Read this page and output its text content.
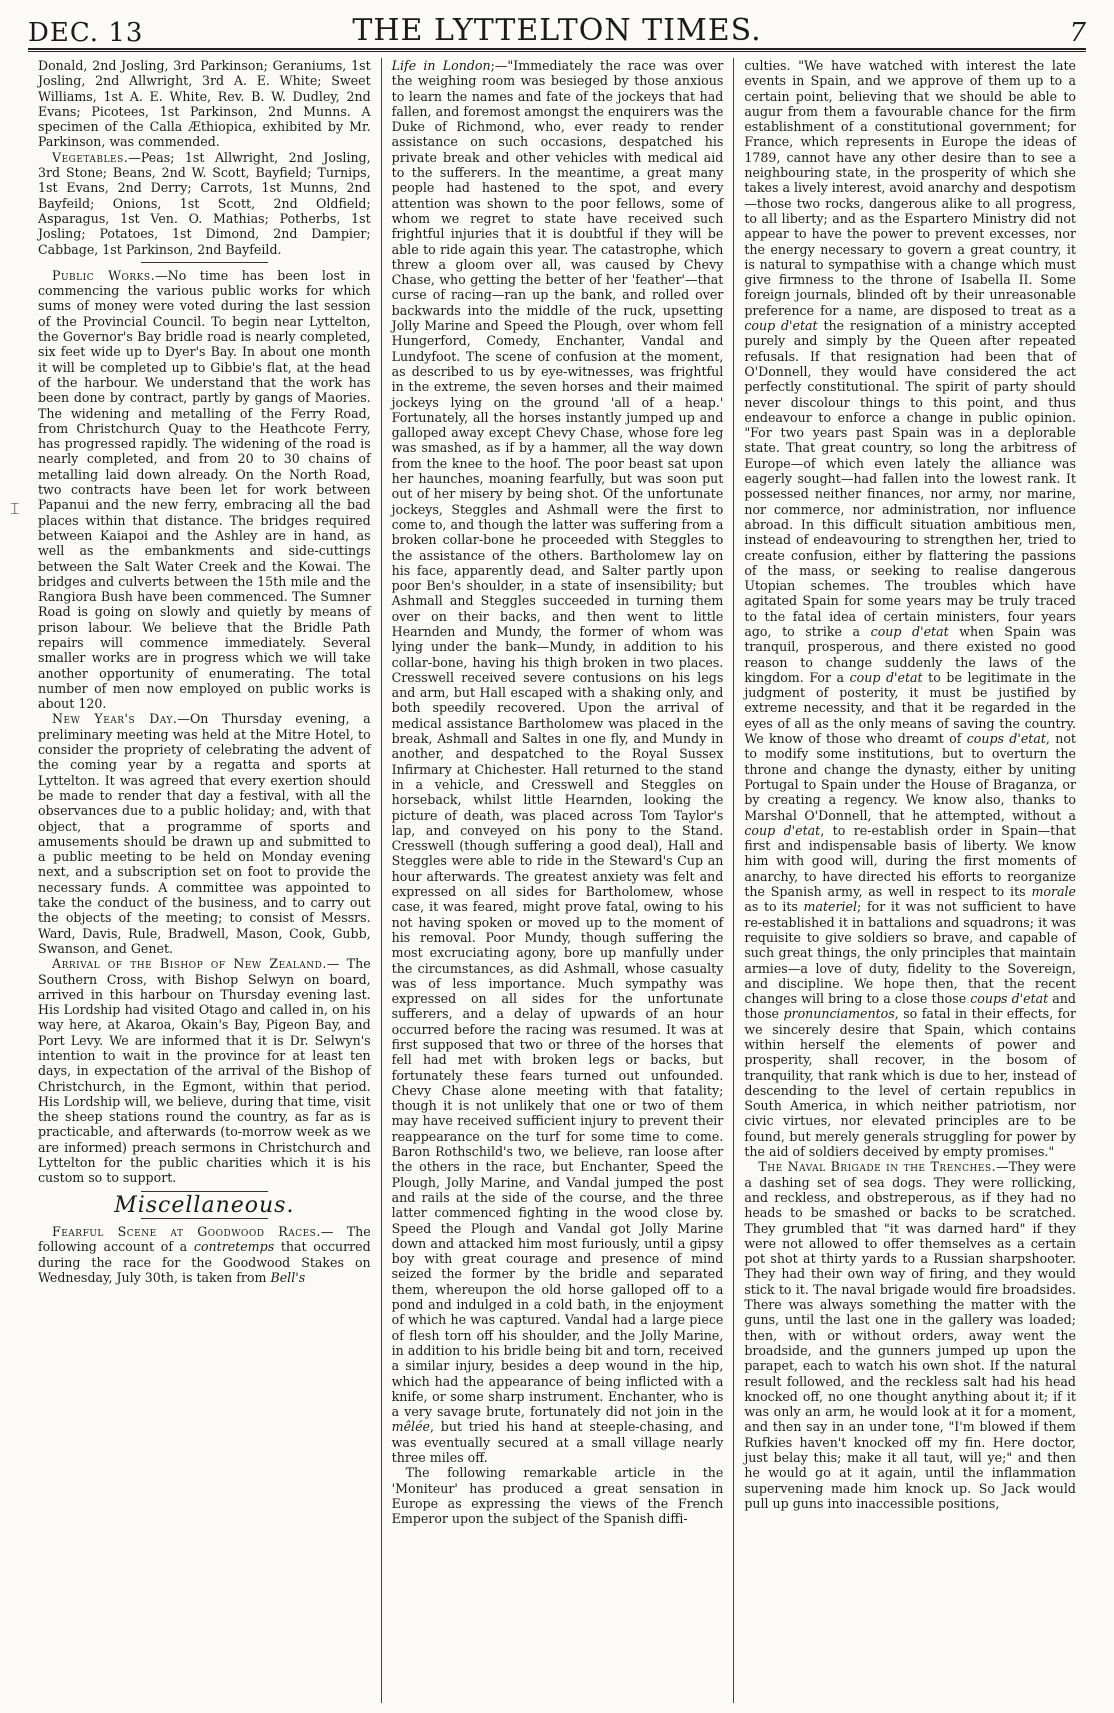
DEC. 13	THE LYTTELTON TIMES.	7
⌶

Donald, 2nd Josling, 3rd Parkinson; Geraniums, 1st Josling, 2nd Allwright, 3rd A. E. White; Sweet Williams, 1st A. E. White, Rev. B. W. Dudley, 2nd Evans; Picotees, 1st Parkinson, 2nd Munns. A specimen of the Calla Æthiopica, exhibited by Mr. Parkinson, was commended.

Vegetables.—Peas; 1st Allwright, 2nd Josling, 3rd Stone; Beans, 2nd W. Scott, Bayfield; Turnips, 1st Evans, 2nd Derry; Carrots, 1st Munns, 2nd Bayfeild; Onions, 1st Scott, 2nd Oldfield; Asparagus, 1st Ven. O. Mathias; Potherbs, 1st Josling; Potatoes, 1st Dimond, 2nd Dampier; Cabbage, 1st Parkinson, 2nd Bayfeild.

Public Works.—No time has been lost in commencing the various public works for which sums of money were voted during the last session of the Provincial Council. To begin near Lyttelton, the Governor's Bay bridle road is nearly completed, six feet wide up to Dyer's Bay. In about one month it will be completed up to Gibbie's flat, at the head of the harbour. We understand that the work has been done by contract, partly by gangs of Maories. The widening and metalling of the Ferry Road, from Christchurch Quay to the Heathcote Ferry, has progressed rapidly. The widening of the road is nearly completed, and from 20 to 30 chains of metalling laid down already. On the North Road, two contracts have been let for work between Papanui and the new ferry, embracing all the bad places within that distance. The bridges required between Kaiapoi and the Ashley are in hand, as well as the embankments and side-cuttings between the Salt Water Creek and the Kowai. The bridges and culverts between the 15th mile and the Rangiora Bush have been commenced. The Sumner Road is going on slowly and quietly by means of prison labour. We believe that the Bridle Path repairs will commence immediately. Several smaller works are in progress which we will take another opportunity of enumerating. The total number of men now employed on public works is about 120.

New Year's Day.—On Thursday evening, a preliminary meeting was held at the Mitre Hotel, to consider the propriety of celebrating the advent of the coming year by a regatta and sports at Lyttelton. It was agreed that every exertion should be made to render that day a festival, with all the observances due to a public holiday; and, with that object, that a programme of sports and amusements should be drawn up and submitted to a public meeting to be held on Monday evening next, and a subscription set on foot to provide the necessary funds. A committee was appointed to take the conduct of the business, and to carry out the objects of the meeting; to consist of Messrs. Ward, Davis, Rule, Bradwell, Mason, Cook, Gubb, Swanson, and Genet.

Arrival of the Bishop of New Zealand.— The Southern Cross, with Bishop Selwyn on board, arrived in this harbour on Thursday evening last. His Lordship had visited Otago and called in, on his way here, at Akaroa, Okain's Bay, Pigeon Bay, and Port Levy. We are informed that it is Dr. Selwyn's intention to wait in the province for at least ten days, in expectation of the arrival of the Bishop of Christchurch, in the Egmont, within that period. His Lordship will, we believe, during that time, visit the sheep stations round the country, as far as is practicable, and afterwards (to-morrow week as we are informed) preach sermons in Christchurch and Lyttelton for the public charities which it is his custom so to support.

Miscellaneous.

Fearful Scene at Goodwood Races.— The following account of a contretemps that occurred during the race for the Goodwood Stakes on Wednesday, July 30th, is taken from Bell's

Life in London;—"Immediately the race was over the weighing room was besieged by those anxious to learn the names and fate of the jockeys that had fallen, and foremost amongst the enquirers was the Duke of Richmond, who, ever ready to render assistance on such occasions, despatched his private break and other vehicles with medical aid to the sufferers. In the meantime, a great many people had hastened to the spot, and every attention was shown to the poor fellows, some of whom we regret to state have received such frightful injuries that it is doubtful if they will be able to ride again this year. The catastrophe, which threw a gloom over all, was caused by Chevy Chase, who getting the better of her 'feather'—that curse of racing—ran up the bank, and rolled over backwards into the middle of the ruck, upsetting Jolly Marine and Speed the Plough, over whom fell Hungerford, Comedy, Enchanter, Vandal and Lundyfoot. The scene of confusion at the moment, as described to us by eye-witnesses, was frightful in the extreme, the seven horses and their maimed jockeys lying on the ground 'all of a heap.' Fortunately, all the horses instantly jumped up and galloped away except Chevy Chase, whose fore leg was smashed, as if by a hammer, all the way down from the knee to the hoof. The poor beast sat upon her haunches, moaning fearfully, but was soon put out of her misery by being shot. Of the unfortunate jockeys, Steggles and Ashmall were the first to come to, and though the latter was suffering from a broken collar-bone he proceeded with Steggles to the assistance of the others. Bartholomew lay on his face, apparently dead, and Salter partly upon poor Ben's shoulder, in a state of insensibility; but Ashmall and Steggles succeeded in turning them over on their backs, and then went to little Hearnden and Mundy, the former of whom was lying under the bank—Mundy, in addition to his collar-bone, having his thigh broken in two places. Cresswell received severe contusions on his legs and arm, but Hall escaped with a shaking only, and both speedily recovered. Upon the arrival of medical assistance Bartholomew was placed in the break, Ashmall and Saltes in one fly, and Mundy in another, and despatched to the Royal Sussex Infirmary at Chichester. Hall returned to the stand in a vehicle, and Cresswell and Steggles on horseback, whilst little Hearnden, looking the picture of death, was placed across Tom Taylor's lap, and conveyed on his pony to the Stand. Cresswell (though suffering a good deal), Hall and Steggles were able to ride in the Steward's Cup an hour afterwards. The greatest anxiety was felt and expressed on all sides for Bartholomew, whose case, it was feared, might prove fatal, owing to his not having spoken or moved up to the moment of his removal. Poor Mundy, though suffering the most excruciating agony, bore up manfully under the circumstances, as did Ashmall, whose casualty was of less importance. Much sympathy was expressed on all sides for the unfortunate sufferers, and a delay of upwards of an hour occurred before the racing was resumed. It was at first supposed that two or three of the horses that fell had met with broken legs or backs, but fortunately these fears turned out unfounded. Chevy Chase alone meeting with that fatality; though it is not unlikely that one or two of them may have received sufficient injury to prevent their reappearance on the turf for some time to come. Baron Rothschild's two, we believe, ran loose after the others in the race, but Enchanter, Speed the Plough, Jolly Marine, and Vandal jumped the post and rails at the side of the course, and the three latter commenced fighting in the wood close by. Speed the Plough and Vandal got Jolly Marine down and attacked him most furiously, until a gipsy boy with great courage and presence of mind seized the former by the bridle and separated them, whereupon the old horse galloped off to a pond and indulged in a cold bath, in the enjoyment of which he was captured. Vandal had a large piece of flesh torn off his shoulder, and the Jolly Marine, in addition to his bridle being bit and torn, received a similar injury, besides a deep wound in the hip, which had the appearance of being inflicted with a knife, or some sharp instrument. Enchanter, who is a very savage brute, fortunately did not join in the mêlée, but tried his hand at steeple-chasing, and was eventually secured at a small village nearly three miles off.

The following remarkable article in the 'Moniteur' has produced a great sensation in Europe as expressing the views of the French Emperor upon the subject of the Spanish diffi-

culties. "We have watched with interest the late events in Spain, and we approve of them up to a certain point, believing that we should be able to augur from them a favourable chance for the firm establishment of a constitutional government; for France, which represents in Europe the ideas of 1789, cannot have any other desire than to see a neighbouring state, in the prosperity of which she takes a lively interest, avoid anarchy and despotism—those two rocks, dangerous alike to all progress, to all liberty; and as the Espartero Ministry did not appear to have the power to prevent excesses, nor the energy necessary to govern a great country, it is natural to sympathise with a change which must give firmness to the throne of Isabella II. Some foreign journals, blinded oft by their unreasonable preference for a name, are disposed to treat as a coup d'etat the resignation of a ministry accepted purely and simply by the Queen after repeated refusals. If that resignation had been that of O'Donnell, they would have considered the act perfectly constitutional. The spirit of party should never discolour things to this point, and thus endeavour to enforce a change in public opinion. "For two years past Spain was in a deplorable state. That great country, so long the arbitress of Europe—of which even lately the alliance was eagerly sought—had fallen into the lowest rank. It possessed neither finances, nor army, nor marine, nor commerce, nor administration, nor influence abroad. In this difficult situation ambitious men, instead of endeavouring to strengthen her, tried to create confusion, either by flattering the passions of the mass, or seeking to realise dangerous Utopian schemes. The troubles which have agitated Spain for some years may be truly traced to the fatal idea of certain ministers, four years ago, to strike a coup d'etat when Spain was tranquil, prosperous, and there existed no good reason to change suddenly the laws of the kingdom. For a coup d'etat to be legitimate in the judgment of posterity, it must be justified by extreme necessity, and that it be regarded in the eyes of all as the only means of saving the country. We know of those who dreamt of coups d'etat, not to modify some institutions, but to overturn the throne and change the dynasty, either by uniting Portugal to Spain under the House of Braganza, or by creating a regency. We know also, thanks to Marshal O'Donnell, that he attempted, without a coup d'etat, to re-establish order in Spain—that first and indispensable basis of liberty. We know him with good will, during the first moments of anarchy, to have directed his efforts to reorganize the Spanish army, as well in respect to its morale as to its materiel; for it was not sufficient to have re-established it in battalions and squadrons; it was requisite to give soldiers so brave, and capable of such great things, the only principles that maintain armies—a love of duty, fidelity to the Sovereign, and discipline. We hope then, that the recent changes will bring to a close those coups d'etat and those pronunciamentos, so fatal in their effects, for we sincerely desire that Spain, which contains within herself the elements of power and prosperity, shall recover, in the bosom of tranquility, that rank which is due to her, instead of descending to the level of certain republics in South America, in which neither patriotism, nor civic virtues, nor elevated principles are to be found, but merely generals struggling for power by the aid of soldiers deceived by empty promises."

The Naval Brigade in the Trenches.—They were a dashing set of sea dogs. They were rollicking, and reckless, and obstreperous, as if they had no heads to be smashed or backs to be scratched. They grumbled that "it was darned hard" if they were not allowed to offer themselves as a certain pot shot at thirty yards to a Russian sharpshooter. They had their own way of firing, and they would stick to it. The naval brigade would fire broadsides. There was always something the matter with the guns, until the last one in the gallery was loaded; then, with or without orders, away went the broadside, and the gunners jumped up upon the parapet, each to watch his own shot. If the natural result followed, and the reckless salt had his head knocked off, no one thought anything about it; if it was only an arm, he would look at it for a moment, and then say in an under tone, "I'm blowed if them Rufkies haven't knocked off my fin. Here doctor, just belay this; make it all taut, will ye;" and then he would go at it again, until the inflammation supervening made him knock up. So Jack would pull up guns into inaccessible positions,
